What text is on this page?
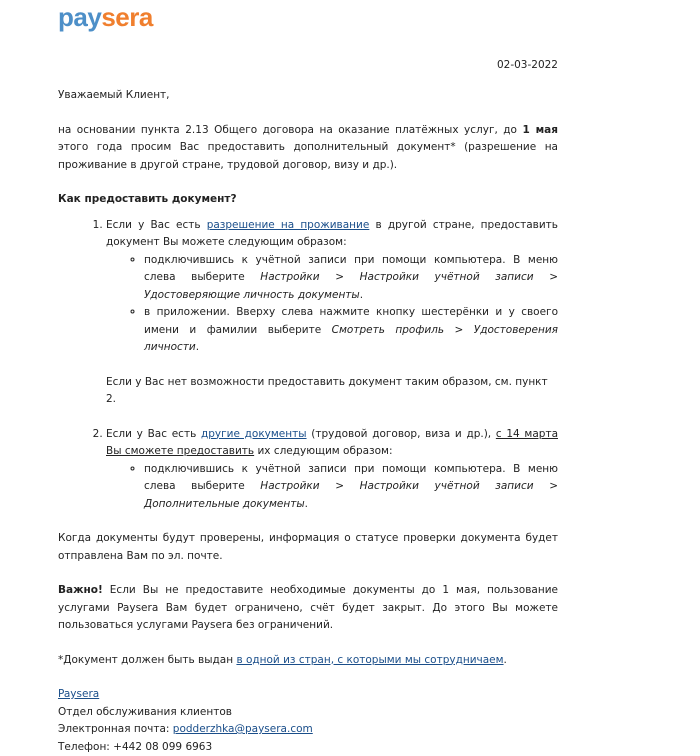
paysera
02-03-2022

Уважаемый Клиент,

на основании пункта 2.13 Общего договора на оказание платёжных услуг, до 1 мая этого года просим Вас предоставить дополнительный документ* (разрешение на проживание в другой стране, трудовой договор, визу и др.).

Как предоставить документ?

1. Если у Вас есть разрешение на проживание в другой стране, предоставить документ Вы можете следующим образом:
◦ подключившись к учётной записи при помощи компьютера. В меню слева выберите Настройки > Настройки учётной записи > Удостоверяющие личность документы.
◦ в приложении. Вверху слева нажмите кнопку шестерёнки и у своего имени и фамилии выберите Смотреть профиль > Удостоверения личности.

Если у Вас нет возможности предоставить документ таким образом, см. пункт 2.

2. Если у Вас есть другие документы (трудовой договор, виза и др.), с 14 марта Вы сможете предоставить их следующим образом:
◦ подключившись к учётной записи при помощи компьютера. В меню слева выберите Настройки > Настройки учётной записи > Дополнительные документы.

Когда документы будут проверены, информация о статусе проверки документа будет отправлена Вам по эл. почте.

Важно! Если Вы не предоставите необходимые документы до 1 мая, пользование услугами Paysera Вам будет ограничено, счёт будет закрыт. До этого Вы можете пользоваться услугами Paysera без ограничений.

*Документ должен быть выдан в одной из стран, с которыми мы сотрудничаем.

Paysera

Отдел обслуживания клиентов

Электронная почта: podderzhka@paysera.com

Телефон: +442 08 099 6963
